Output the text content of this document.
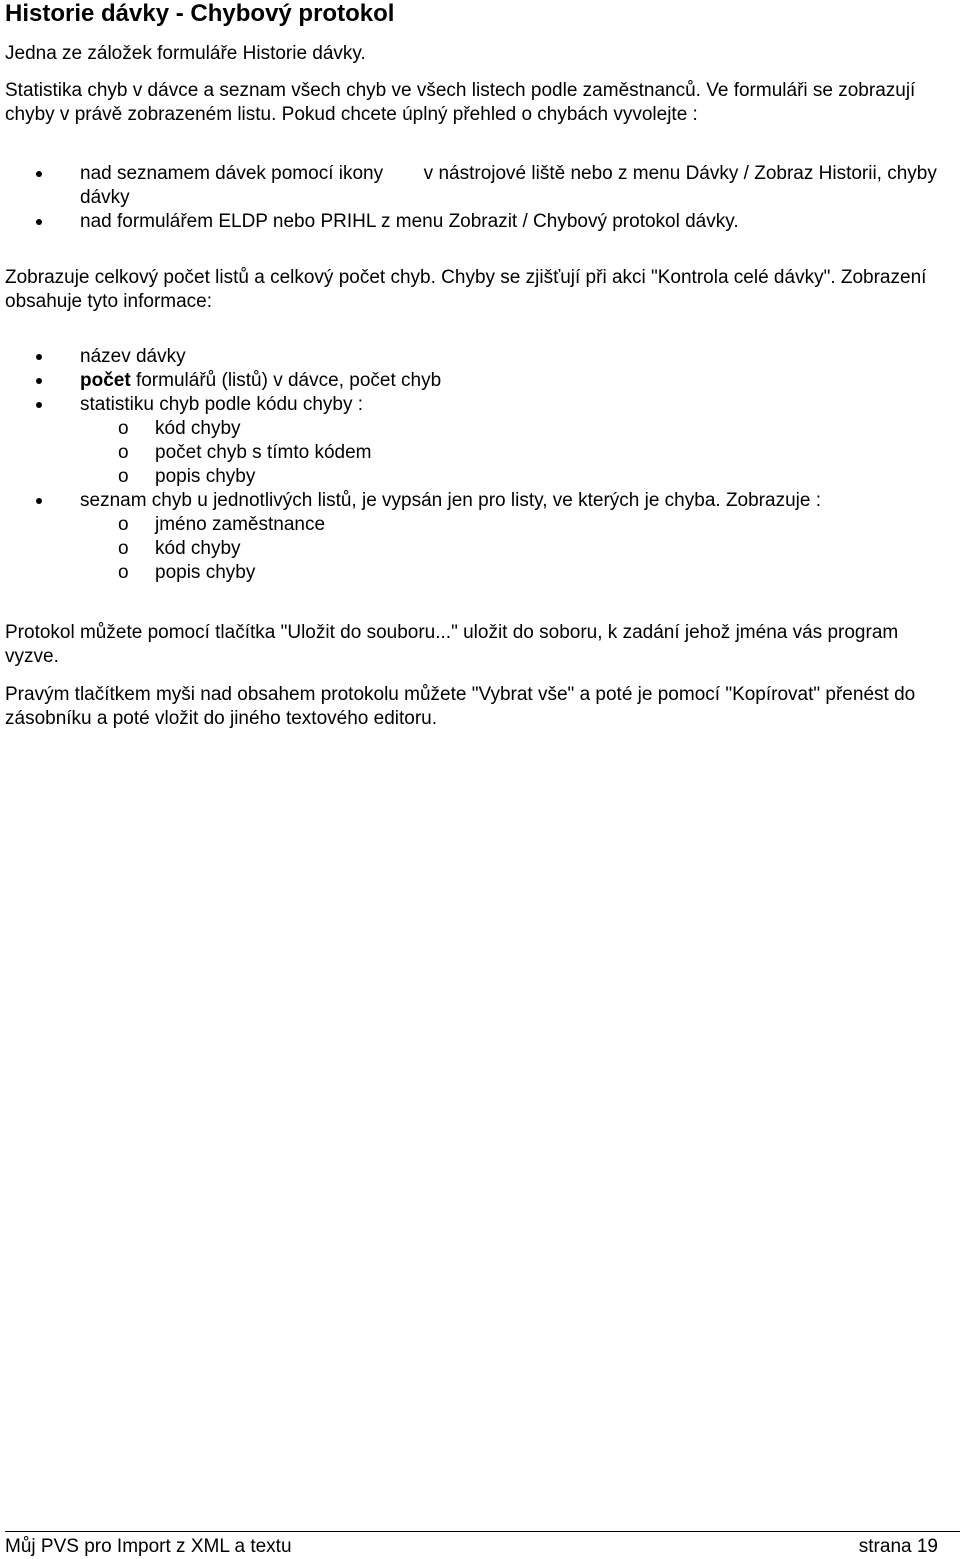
Historie dávky - Chybový protokol

Jedna ze záložek formuláře Historie dávky.

Statistika chyb v dávce a seznam všech chyb ve všech listech podle zaměstnanců. Ve formuláři se zobrazují chyby v právě zobrazeném listu. Pokud chcete úplný přehled o chybách vyvolejte :

nad seznamem dávek pomocí ikony v nástrojové liště nebo z menu Dávky / Zobraz Historii, chyby dávky
nad formulářem ELDP nebo PRIHL z menu Zobrazit / Chybový protokol dávky.

Zobrazuje celkový počet listů a celkový počet chyb. Chyby se zjišťují při akci "Kontrola celé dávky". Zobrazení obsahuje tyto informace:

název dávky
počet formulářů (listů) v dávce, počet chyb
statistiku chyb podle kódu chyby :
o kód chyby
o počet chyb s tímto kódem
o popis chyby
seznam chyb u jednotlivých listů, je vypsán jen pro listy, ve kterých je chyba. Zobrazuje :
o jméno zaměstnance
o kód chyby
o popis chyby

Protokol můžete pomocí tlačítka "Uložit do souboru..." uložit do soboru, k zadání jehož jména vás program vyzve.

Pravým tlačítkem myši nad obsahem protokolu můžete "Vybrat vše" a poté je pomocí "Kopírovat" přenést do zásobníku a poté vložit do jiného textového editoru.

Můj PVS pro Import z XML a textu	strana 19
